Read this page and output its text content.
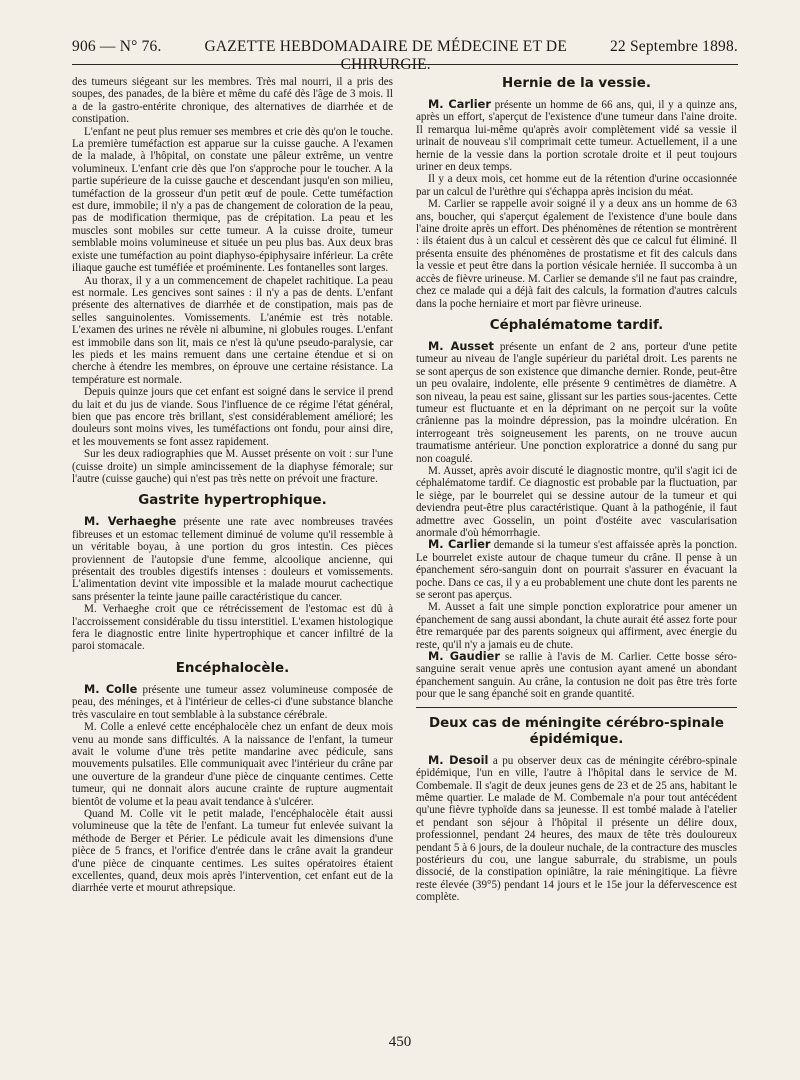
906 — N° 76.	GAZETTE HEBDOMADAIRE DE MÉDECINE ET DE CHIRURGIE.
22 Septembre 1898.

des tumeurs siégeant sur les membres. Très mal nourri, il a pris des soupes, des panades, de la bière et même du café dès l'âge de 3 mois. Il a de la gastro-entérite chronique, des alternatives de diarrhée et de constipation.

L'enfant ne peut plus remuer ses membres et crie dès qu'on le touche. La première tuméfaction est apparue sur la cuisse gauche. A l'examen de la malade, à l'hôpital, on constate une pâleur extrême, un ventre volumineux. L'enfant crie dès que l'on s'approche pour le toucher. A la partie supérieure de la cuisse gauche et descendant jusqu'en son milieu, tuméfaction de la grosseur d'un petit œuf de poule. Cette tuméfaction est dure, immobile; il n'y a pas de changement de coloration de la peau, pas de modification thermique, pas de crépitation. La peau et les muscles sont mobiles sur cette tumeur. A la cuisse droite, tumeur semblable moins volumineuse et située un peu plus bas. Aux deux bras existe une tuméfaction au point diaphyso-épiphysaire inférieur. La crête iliaque gauche est tuméfiée et proéminente. Les fontanelles sont larges.

Au thorax, il y a un commencement de chapelet rachitique. La peau est normale. Les gencives sont saines : il n'y a pas de dents. L'enfant présente des alternatives de diarrhée et de constipation, mais pas de selles sanguinolentes. Vomissements. L'anémie est très notable. L'examen des urines ne révèle ni albumine, ni globules rouges. L'enfant est immobile dans son lit, mais ce n'est là qu'une pseudo-paralysie, car les pieds et les mains remuent dans une certaine étendue et si on cherche à étendre les membres, on éprouve une certaine résistance. La température est normale.

Depuis quinze jours que cet enfant est soigné dans le service il prend du lait et du jus de viande. Sous l'influence de ce régime l'état général, bien que pas encore très brillant, s'est considérablement amélioré; les douleurs sont moins vives, les tuméfactions ont fondu, pour ainsi dire, et les mouvements se font assez rapidement.

Sur les deux radiographies que M. Ausset présente on voit : sur l'une (cuisse droite) un simple amincissement de la diaphyse fémorale; sur l'autre (cuisse gauche) qui n'est pas très nette on prévoit une fracture.

Gastrite hypertrophique.

M. Verhaeghe présente une rate avec nombreuses travées fibreuses et un estomac tellement diminué de volume qu'il ressemble à un véritable boyau, à une portion du gros intestin. Ces pièces proviennent de l'autopsie d'une femme, alcoolique ancienne, qui présentait des troubles digestifs intenses : douleurs et vomissements. L'alimentation devint vite impossible et la malade mourut cachectique sans présenter la teinte jaune paille caractéristique du cancer.

M. Verhaeghe croit que ce rétrécissement de l'estomac est dû à l'accroissement considérable du tissu interstitiel. L'examen histologique fera le diagnostic entre linite hypertrophique et cancer infiltré de la paroi stomacale.

Encéphalocèle.

M. Colle présente une tumeur assez volumineuse composée de peau, des méninges, et à l'intérieur de celles-ci d'une substance blanche très vasculaire en tout semblable à la substance cérébrale.

M. Colle a enlevé cette encéphalocèle chez un enfant de deux mois venu au monde sans difficultés. A la naissance de l'enfant, la tumeur avait le volume d'une très petite mandarine avec pédicule, sans mouvements pulsatiles. Elle communiquait avec l'intérieur du crâne par une ouverture de la grandeur d'une pièce de cinquante centimes. Cette tumeur, qui ne donnait alors aucune crainte de rupture augmentait bientôt de volume et la peau avait tendance à s'ulcérer.

Quand M. Colle vit le petit malade, l'encéphalocèle était aussi volumineuse que la tête de l'enfant. La tumeur fut enlevée suivant la méthode de Berger et Périer. Le pédicule avait les dimensions d'une pièce de 5 francs, et l'orifice d'entrée dans le crâne avait la grandeur d'une pièce de cinquante centimes. Les suites opératoires étaient excellentes, quand, deux mois après l'intervention, cet enfant eut de la diarrhée verte et mourut athrepsique.

Hernie de la vessie.

M. Carlier présente un homme de 66 ans, qui, il y a quinze ans, après un effort, s'aperçut de l'existence d'une tumeur dans l'aine droite. Il remarqua lui-même qu'après avoir complètement vidé sa vessie il urinait de nouveau s'il comprimait cette tumeur. Actuellement, il a une hernie de la vessie dans la portion scrotale droite et il peut toujours uriner en deux temps.

Il y a deux mois, cet homme eut de la rétention d'urine occasionnée par un calcul de l'urèthre qui s'échappa après incision du méat.

M. Carlier se rappelle avoir soigné il y a deux ans un homme de 63 ans, boucher, qui s'aperçut également de l'existence d'une boule dans l'aine droite après un effort. Des phénomènes de rétention se montrèrent : ils étaient dus à un calcul et cessèrent dès que ce calcul fut éliminé. Il présenta ensuite des phénomènes de prostatisme et fit des calculs dans la vessie et peut être dans la portion vésicale herniée. Il succomba à un accès de fièvre urineuse. M. Carlier se demande s'il ne faut pas craindre, chez ce malade qui a déjà fait des calculs, la formation d'autres calculs dans la poche herniaire et mort par fièvre urineuse.

Céphalématome tardif.

M. Ausset présente un enfant de 2 ans, porteur d'une petite tumeur au niveau de l'angle supérieur du pariétal droit. Les parents ne se sont aperçus de son existence que dimanche dernier. Ronde, peut-être un peu ovalaire, indolente, elle présente 9 centimètres de diamètre. A son niveau, la peau est saine, glissant sur les parties sous-jacentes. Cette tumeur est fluctuante et en la déprimant on ne perçoit sur la voûte crânienne pas la moindre dépression, pas la moindre ulcération. En interrogeant très soigneusement les parents, on ne trouve aucun traumatisme antérieur. Une ponction exploratrice a donné du sang pur non coagulé.

M. Ausset, après avoir discuté le diagnostic montre, qu'il s'agit ici de céphalématome tardif. Ce diagnostic est probable par la fluctuation, par le siège, par le bourrelet qui se dessine autour de la tumeur et qui deviendra peut-être plus caractéristique. Quant à la pathogénie, il faut admettre avec Gosselin, un point d'ostéite avec vascularisation anormale d'où hémorrhagie.

M. Carlier demande si la tumeur s'est affaissée après la ponction. Le bourrelet existe autour de chaque tumeur du crâne. Il pense à un épanchement séro-sanguin dont on pourrait s'assurer en évacuant la poche. Dans ce cas, il y a eu probablement une chute dont les parents ne se seront pas aperçus.

M. Ausset a fait une simple ponction exploratrice pour amener un épanchement de sang aussi abondant, la chute aurait été assez forte pour être remarquée par des parents soigneux qui affirment, avec énergie du reste, qu'il n'y a jamais eu de chute.

M. Gaudier se rallie à l'avis de M. Carlier. Cette bosse séro-sanguine serait venue après une contusion ayant amené un abondant épanchement sanguin. Au crâne, la contusion ne doit pas être très forte pour que le sang épanché soit en grande quantité.

Deux cas de méningite cérébro-spinale épidémique.

M. Desoil a pu observer deux cas de méningite cérébro-spinale épidémique, l'un en ville, l'autre à l'hôpital dans le service de M. Combemale. Il s'agit de deux jeunes gens de 23 et de 25 ans, habitant le même quartier. Le malade de M. Combemale n'a pour tout antécédent qu'une fièvre typhoïde dans sa jeunesse. Il est tombé malade à l'atelier et pendant son séjour à l'hôpital il présente un délire doux, professionnel, pendant 24 heures, des maux de tête très douloureux pendant 5 à 6 jours, de la douleur nuchale, de la contracture des muscles postérieurs du cou, une langue saburrale, du strabisme, un pouls dissocié, de la constipation opiniâtre, la raie méningitique. La fièvre reste élevée (39°5) pendant 14 jours et le 15e jour la défervescence est complète.

450
